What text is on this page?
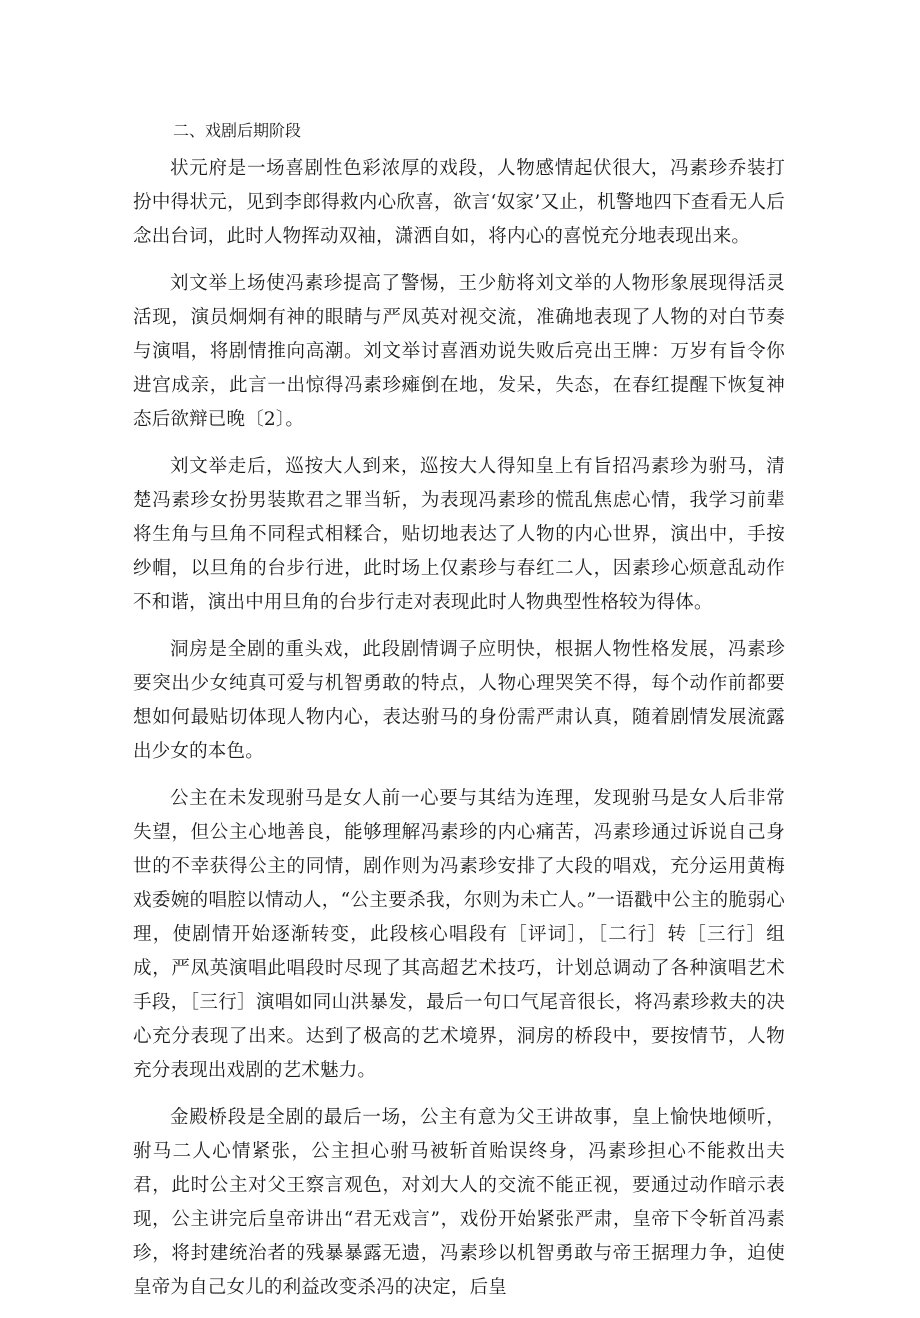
二、戏剧后期阶段

状元府是一场喜剧性色彩浓厚的戏段，人物感情起伏很大，冯素珍乔装打扮中得状元，见到李郎得救内心欣喜，欲言‘奴家’又止，机警地四下查看无人后念出台词，此时人物挥动双袖，潇洒自如，将内心的喜悦充分地表现出来。

刘文举上场使冯素珍提高了警惕，王少舫将刘文举的人物形象展现得活灵活现，演员炯炯有神的眼睛与严凤英对视交流，准确地表现了人物的对白节奏与演唱，将剧情推向高潮。刘文举讨喜酒劝说失败后亮出王牌：万岁有旨令你进宫成亲，此言一出惊得冯素珍瘫倒在地，发呆，失态，在春红提醒下恢复神态后欲辩已晚〔2〕。

刘文举走后，巡按大人到来，巡按大人得知皇上有旨招冯素珍为驸马，清楚冯素珍女扮男装欺君之罪当斩，为表现冯素珍的慌乱焦虑心情，我学习前辈将生角与旦角不同程式相糅合，贴切地表达了人物的内心世界，演出中，手按纱帽，以旦角的台步行进，此时场上仅素珍与春红二人，因素珍心烦意乱动作不和谐，演出中用旦角的台步行走对表现此时人物典型性格较为得体。

洞房是全剧的重头戏，此段剧情调子应明快，根据人物性格发展，冯素珍要突出少女纯真可爱与机智勇敢的特点，人物心理哭笑不得，每个动作前都要想如何最贴切体现人物内心，表达驸马的身份需严肃认真，随着剧情发展流露出少女的本色。

公主在未发现驸马是女人前一心要与其结为连理，发现驸马是女人后非常失望，但公主心地善良，能够理解冯素珍的内心痛苦，冯素珍通过诉说自己身世的不幸获得公主的同情，剧作则为冯素珍安排了大段的唱戏，充分运用黄梅戏委婉的唱腔以情动人，“公主要杀我，尔则为未亡人。”一语戳中公主的脆弱心理，使剧情开始逐渐转变，此段核心唱段有［评词］，［二行］转［三行］组成，严凤英演唱此唱段时尽现了其高超艺术技巧，计划总调动了各种演唱艺术手段，［三行］演唱如同山洪暴发，最后一句口气尾音很长，将冯素珍救夫的决心充分表现了出来。达到了极高的艺术境界，洞房的桥段中，要按情节，人物充分表现出戏剧的艺术魅力。

金殿桥段是全剧的最后一场，公主有意为父王讲故事，皇上愉快地倾听，驸马二人心情紧张，公主担心驸马被斩首贻误终身，冯素珍担心不能救出夫君，此时公主对父王察言观色，对刘大人的交流不能正视，要通过动作暗示表现，公主讲完后皇帝讲出“君无戏言”，戏份开始紧张严肃，皇帝下令斩首冯素珍，将封建统治者的残暴暴露无遗，冯素珍以机智勇敢与帝王据理力争，迫使皇帝为自己女儿的利益改变杀冯的决定，后皇
